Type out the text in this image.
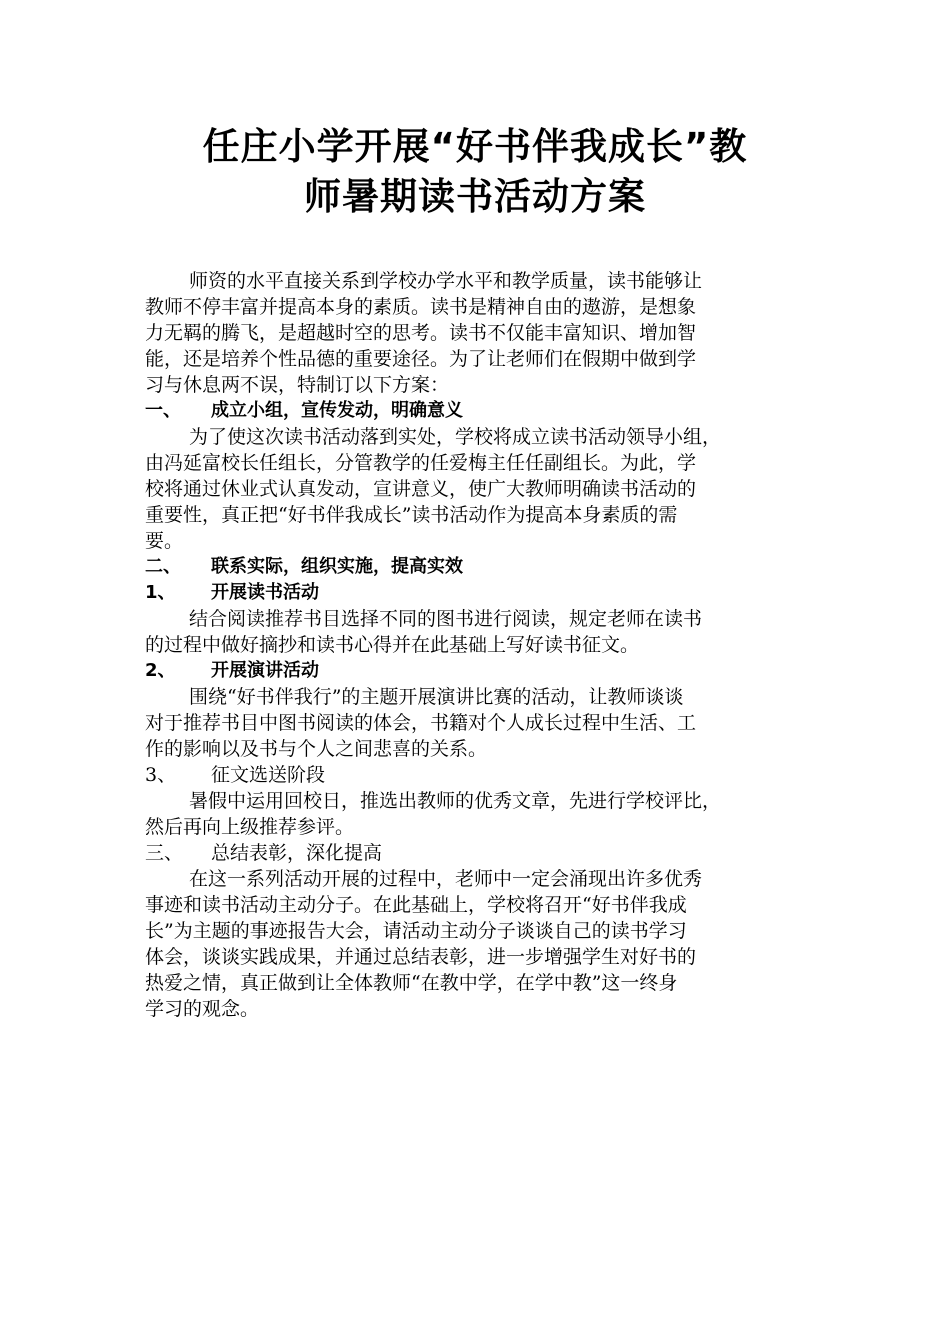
任庄小学开展“好书伴我成长”教
师暑期读书活动方案
师资的水平直接关系到学校办学水平和教学质量，读书能够让
教师不停丰富并提高本身的素质。读书是精神自由的遨游，是想象
力无羁的腾飞，是超越时空的思考。读书不仅能丰富知识、增加智
能，还是培养个性品德的重要途径。为了让老师们在假期中做到学
习与休息两不误，特制订以下方案：
一、 成立小组，宣传发动，明确意义
为了使这次读书活动落到实处，学校将成立读书活动领导小组，
由冯延富校长任组长，分管教学的任爱梅主任任副组长。为此，学
校将通过休业式认真发动，宣讲意义，使广大教师明确读书活动的
重要性，真正把“好书伴我成长”读书活动作为提高本身素质的需
要。
二、 联系实际，组织实施，提高实效
1、 开展读书活动
结合阅读推荐书目选择不同的图书进行阅读，规定老师在读书
的过程中做好摘抄和读书心得并在此基础上写好读书征文。
2、 开展演讲活动
围绕“好书伴我行”的主题开展演讲比赛的活动，让教师谈谈
对于推荐书目中图书阅读的体会，书籍对个人成长过程中生活、工
作的影响以及书与个人之间悲喜的关系。
3、 征文选送阶段
暑假中运用回校日，推选出教师的优秀文章，先进行学校评比，
然后再向上级推荐参评。
三、 总结表彰，深化提高
在这一系列活动开展的过程中，老师中一定会涌现出许多优秀
事迹和读书活动主动分子。在此基础上，学校将召开“好书伴我成
长”为主题的事迹报告大会，请活动主动分子谈谈自己的读书学习
体会，谈谈实践成果，并通过总结表彰，进一步增强学生对好书的
热爱之情，真正做到让全体教师“在教中学，在学中教”这一终身
学习的观念。
